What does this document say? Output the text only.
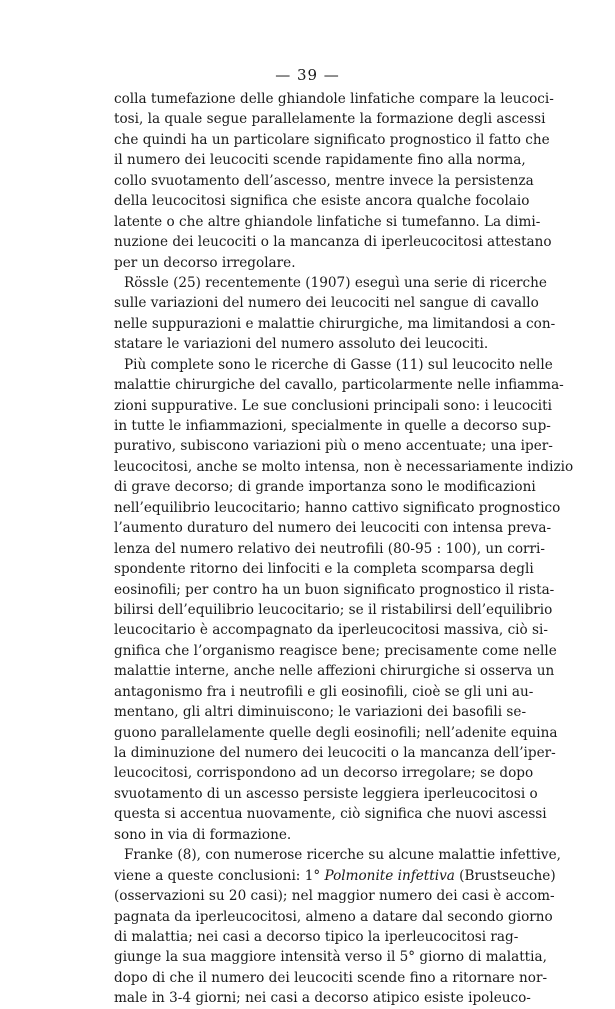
— 39 —
colla tumefazione delle ghiandole linfatiche compare la leucoci-
tosi, la quale segue parallelamente la formazione degli ascessi
che quindi ha un particolare significato prognostico il fatto che
il numero dei leucociti scende rapidamente fino alla norma,
collo svuotamento dell’ascesso, mentre invece la persistenza
della leucocitosi significa che esiste ancora qualche focolaio
latente o che altre ghiandole linfatiche si tumefanno. La dimi-
nuzione dei leucociti o la mancanza di iperleucocitosi attestano
per un decorso irregolare.
Rössle (25) recentemente (1907) eseguì una serie di ricerche
sulle variazioni del numero dei leucociti nel sangue di cavallo
nelle suppurazioni e malattie chirurgiche, ma limitandosi a con-
statare le variazioni del numero assoluto dei leucociti.
Più complete sono le ricerche di Gasse (11) sul leucocito nelle
malattie chirurgiche del cavallo, particolarmente nelle infiamma-
zioni suppurative. Le sue conclusioni principali sono: i leucociti
in tutte le infiammazioni, specialmente in quelle a decorso sup-
purativo, subiscono variazioni più o meno accentuate; una iper-
leucocitosi, anche se molto intensa, non è necessariamente indizio
di grave decorso; di grande importanza sono le modificazioni
nell’equilibrio leucocitario; hanno cattivo significato prognostico
l’aumento duraturo del numero dei leucociti con intensa preva-
lenza del numero relativo dei neutrofili (80-95 : 100), un corri-
spondente ritorno dei linfociti e la completa scomparsa degli
eosinofili; per contro ha un buon significato prognostico il rista-
bilirsi dell’equilibrio leucocitario; se il ristabilirsi dell’equilibrio
leucocitario è accompagnato da iperleucocitosi massiva, ciò si-
gnifica che l’organismo reagisce bene; precisamente come nelle
malattie interne, anche nelle affezioni chirurgiche si osserva un
antagonismo fra i neutrofili e gli eosinofili, cioè se gli uni au-
mentano, gli altri diminuiscono; le variazioni dei basofili se-
guono parallelamente quelle degli eosinofili; nell’adenite equina
la diminuzione del numero dei leucociti o la mancanza dell’iper-
leucocitosi, corrispondono ad un decorso irregolare; se dopo
svuotamento di un ascesso persiste leggiera iperleucocitosi o
questa si accentua nuovamente, ciò significa che nuovi ascessi
sono in via di formazione.
Franke (8), con numerose ricerche su alcune malattie infettive,
viene a queste conclusioni: 1° Polmonite infettiva (Brustseuche)
(osservazioni su 20 casi); nel maggior numero dei casi è accom-
pagnata da iperleucocitosi, almeno a datare dal secondo giorno
di malattia; nei casi a decorso tipico la iperleucocitosi rag-
giunge la sua maggiore intensità verso il 5° giorno di malattia,
dopo di che il numero dei leucociti scende fino a ritornare nor-
male in 3-4 giorni; nei casi a decorso atipico esiste ipoleuco-
